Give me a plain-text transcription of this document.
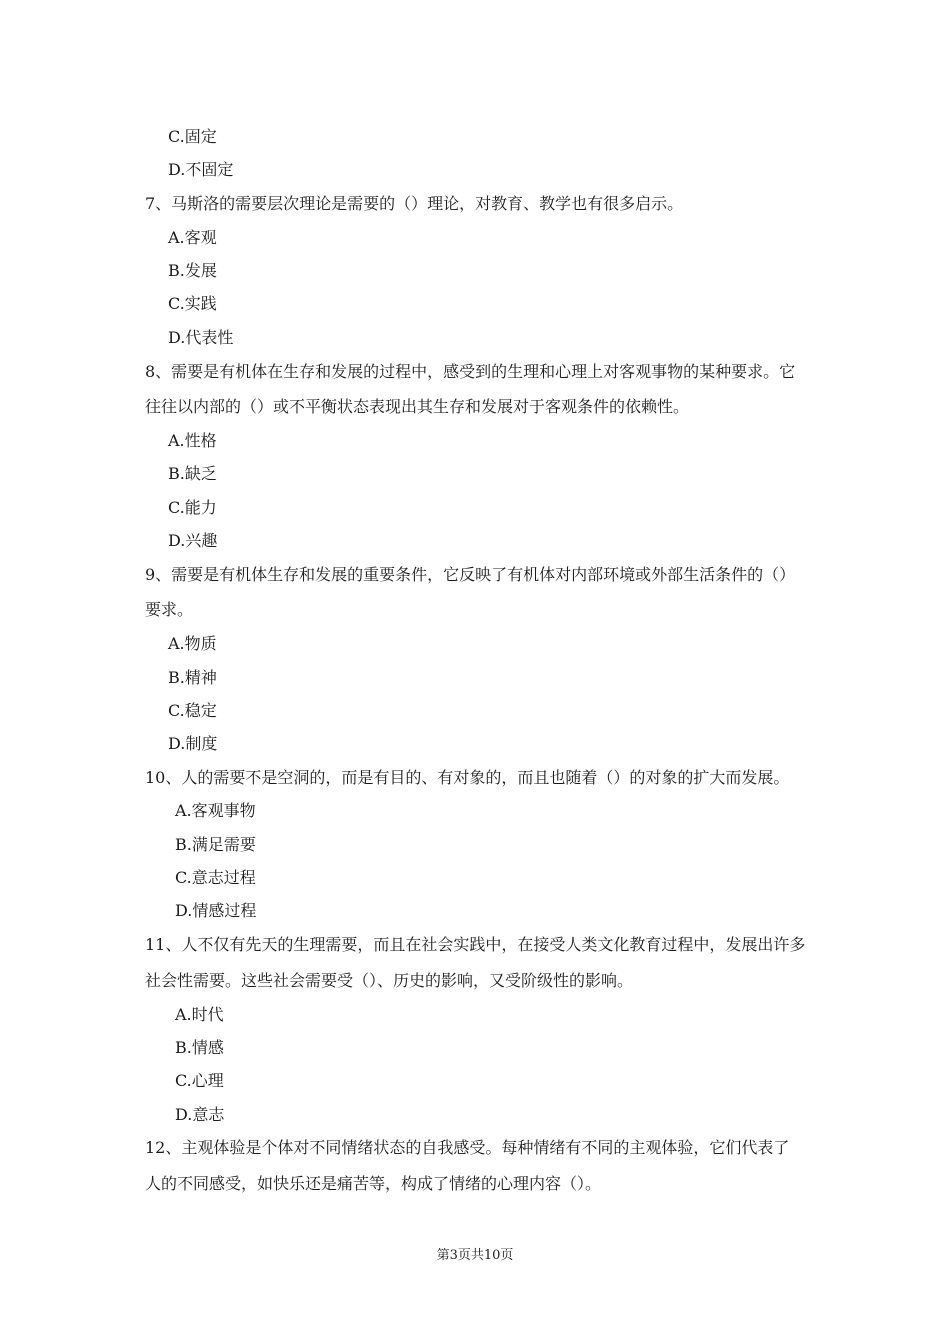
C.固定
D.不固定
7、马斯洛的需要层次理论是需要的（）理论，对教育、教学也有很多启示。
A.客观
B.发展
C.实践
D.代表性
8、需要是有机体在生存和发展的过程中，感受到的生理和心理上对客观事物的某种要求。它
往往以内部的（）或不平衡状态表现出其生存和发展对于客观条件的依赖性。
A.性格
B.缺乏
C.能力
D.兴趣
9、需要是有机体生存和发展的重要条件，它反映了有机体对内部环境或外部生活条件的（）
要求。
A.物质
B.精神
C.稳定
D.制度
10、人的需要不是空洞的，而是有目的、有对象的，而且也随着（）的对象的扩大而发展。
A.客观事物
B.满足需要
C.意志过程
D.情感过程
11、人不仅有先天的生理需要，而且在社会实践中，在接受人类文化教育过程中，发展出许多
社会性需要。这些社会需要受（）、历史的影响，又受阶级性的影响。
A.时代
B.情感
C.心理
D.意志
12、主观体验是个体对不同情绪状态的自我感受。每种情绪有不同的主观体验，它们代表了
人的不同感受，如快乐还是痛苦等，构成了情绪的心理内容（）。
第3页共10页
